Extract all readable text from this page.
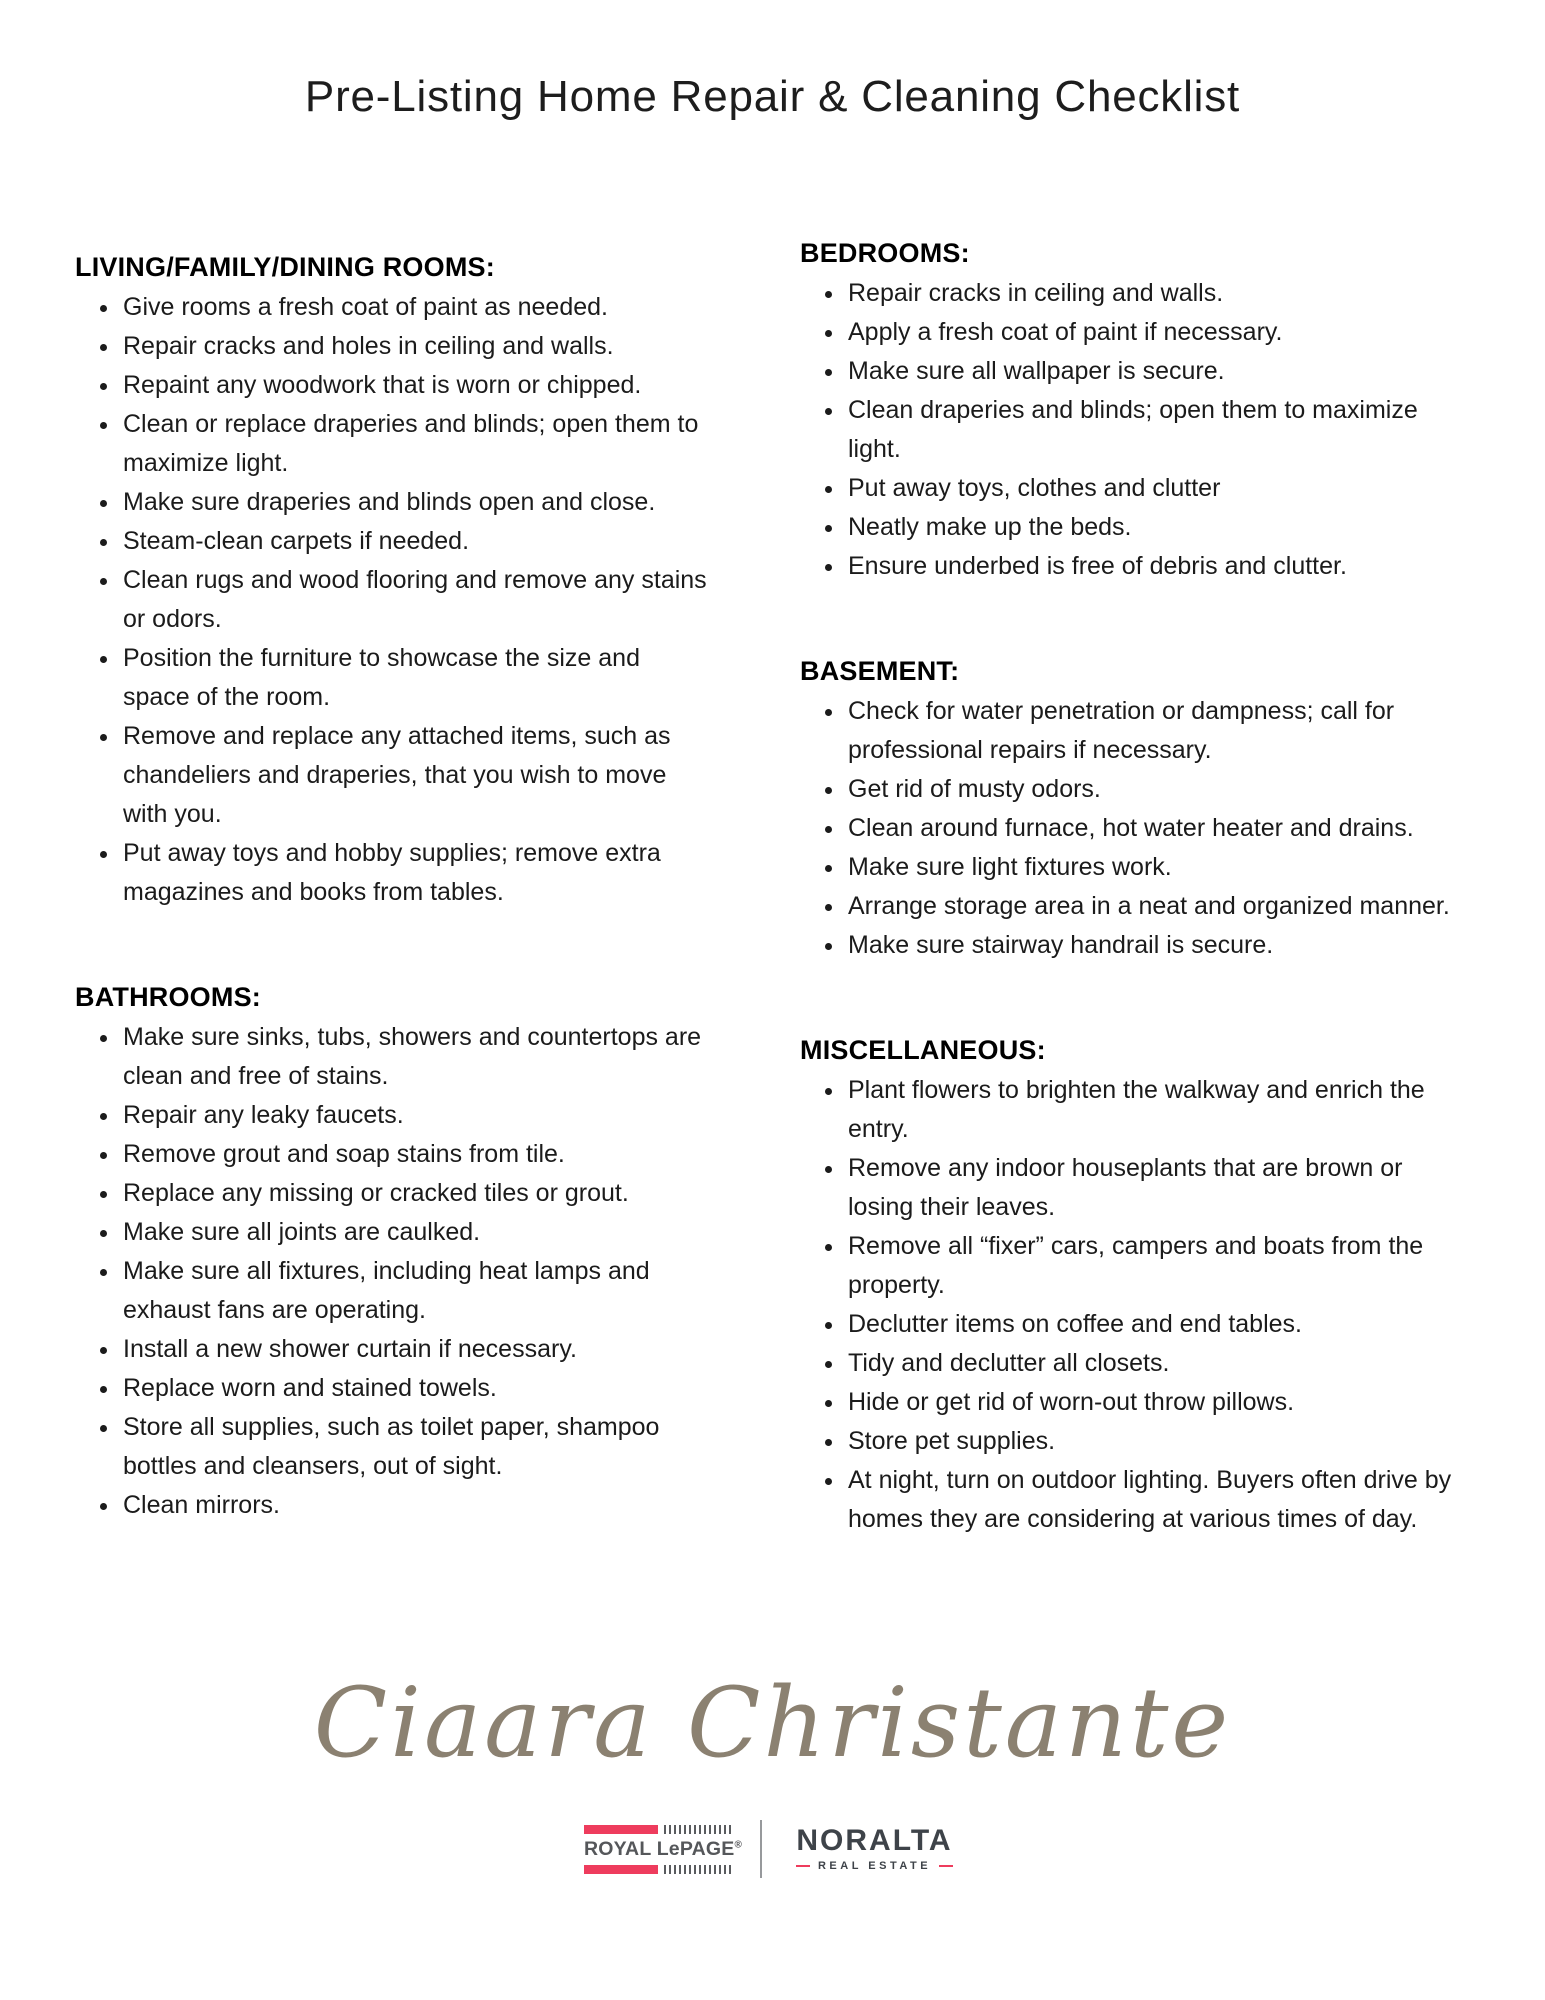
Pre-Listing Home Repair & Cleaning Checklist
LIVING/FAMILY/DINING ROOMS:
• Give rooms a fresh coat of paint as needed.
• Repair cracks and holes in ceiling and walls.
• Repaint any woodwork that is worn or chipped.
• Clean or replace draperies and blinds; open them to maximize light.
• Make sure draperies and blinds open and close.
• Steam-clean carpets if needed.
• Clean rugs and wood flooring and remove any stains or odors.
• Position the furniture to showcase the size and space of the room.
• Remove and replace any attached items, such as chandeliers and draperies, that you wish to move with you.
• Put away toys and hobby supplies; remove extra magazines and books from tables.
BATHROOMS:
• Make sure sinks, tubs, showers and countertops are clean and free of stains.
• Repair any leaky faucets.
• Remove grout and soap stains from tile.
• Replace any missing or cracked tiles or grout.
• Make sure all joints are caulked.
• Make sure all fixtures, including heat lamps and exhaust fans are operating.
• Install a new shower curtain if necessary.
• Replace worn and stained towels.
• Store all supplies, such as toilet paper, shampoo bottles and cleansers, out of sight.
• Clean mirrors.
BEDROOMS:
• Repair cracks in ceiling and walls.
• Apply a fresh coat of paint if necessary.
• Make sure all wallpaper is secure.
• Clean draperies and blinds; open them to maximize light.
• Put away toys, clothes and clutter
• Neatly make up the beds.
• Ensure underbed is free of debris and clutter.
BASEMENT:
• Check for water penetration or dampness; call for professional repairs if necessary.
• Get rid of musty odors.
• Clean around furnace, hot water heater and drains.
• Make sure light fixtures work.
• Arrange storage area in a neat and organized manner.
• Make sure stairway handrail is secure.
MISCELLANEOUS:
• Plant flowers to brighten the walkway and enrich the entry.
• Remove any indoor houseplants that are brown or losing their leaves.
• Remove all “fixer” cars, campers and boats from the property.
• Declutter items on coffee and end tables.
• Tidy and declutter all closets.
• Hide or get rid of worn-out throw pillows.
• Store pet supplies.
• At night, turn on outdoor lighting. Buyers often drive by homes they are considering at various times of day.
Ciaara Christante
ROYAL LePAGE® NORALTA
REAL ESTATE
